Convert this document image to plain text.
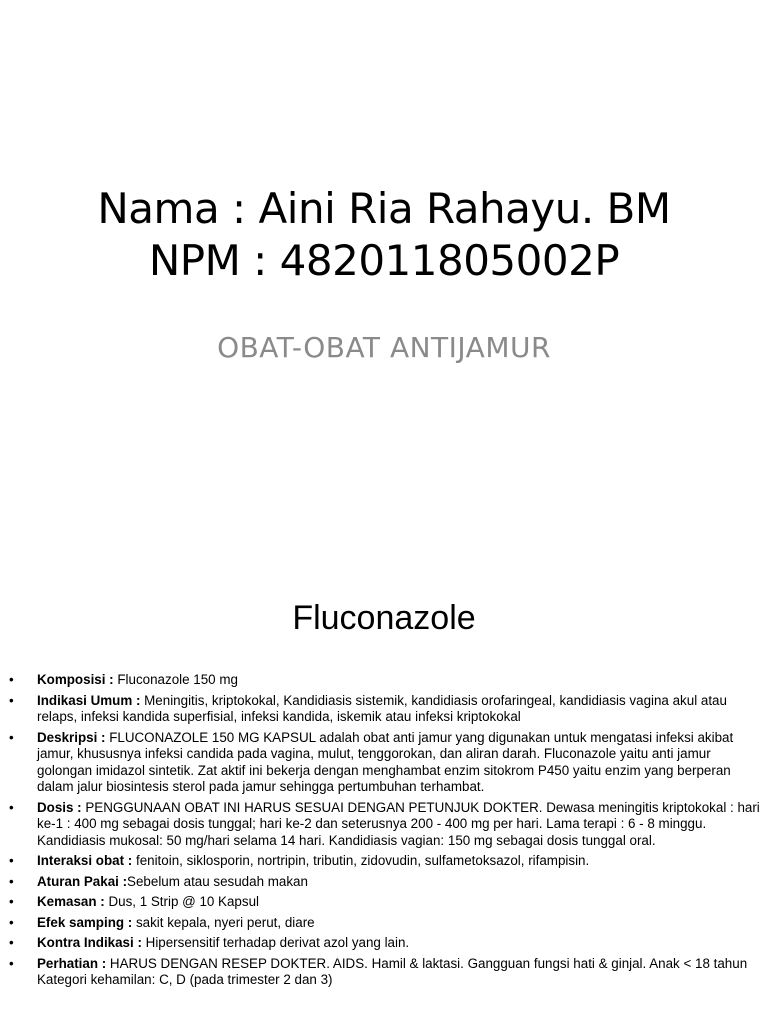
Nama : Aini Ria Rahayu. BM
NPM : 482011805002P
OBAT-OBAT ANTIJAMUR
Fluconazole
• Komposisi : Fluconazole 150 mg
• Indikasi Umum : Meningitis, kriptokokal, Kandidiasis sistemik, kandidiasis orofaringeal, kandidiasis vagina akul atau relaps, infeksi kandida superfisial, infeksi kandida, iskemik atau infeksi kriptokokal
• Deskripsi : FLUCONAZOLE 150 MG KAPSUL adalah obat anti jamur yang digunakan untuk mengatasi infeksi akibat jamur, khususnya infeksi candida pada vagina, mulut, tenggorokan, dan aliran darah. Fluconazole yaitu anti jamur golongan imidazol sintetik. Zat aktif ini bekerja dengan menghambat enzim sitokrom P450 yaitu enzim yang berperan dalam jalur biosintesis sterol pada jamur sehingga pertumbuhan terhambat.
• Dosis : PENGGUNAAN OBAT INI HARUS SESUAI DENGAN PETUNJUK DOKTER. Dewasa meningitis kriptokokal : hari ke-1 : 400 mg sebagai dosis tunggal; hari ke-2 dan seterusnya 200 - 400 mg per hari. Lama terapi : 6 - 8 minggu. Kandidiasis mukosal: 50 mg/hari selama 14 hari. Kandidiasis vagian: 150 mg sebagai dosis tunggal oral.
• Interaksi obat : fenitoin, siklosporin, nortripin, tributin, zidovudin, sulfametoksazol, rifampisin.
• Aturan Pakai :Sebelum atau sesudah makan
• Kemasan : Dus, 1 Strip @ 10 Kapsul
• Efek samping : sakit kepala, nyeri perut, diare
• Kontra Indikasi : Hipersensitif terhadap derivat azol yang lain.
• Perhatian : HARUS DENGAN RESEP DOKTER. AIDS. Hamil & laktasi. Gangguan fungsi hati & ginjal. Anak < 18 tahun Kategori kehamilan: C, D (pada trimester 2 dan 3)
